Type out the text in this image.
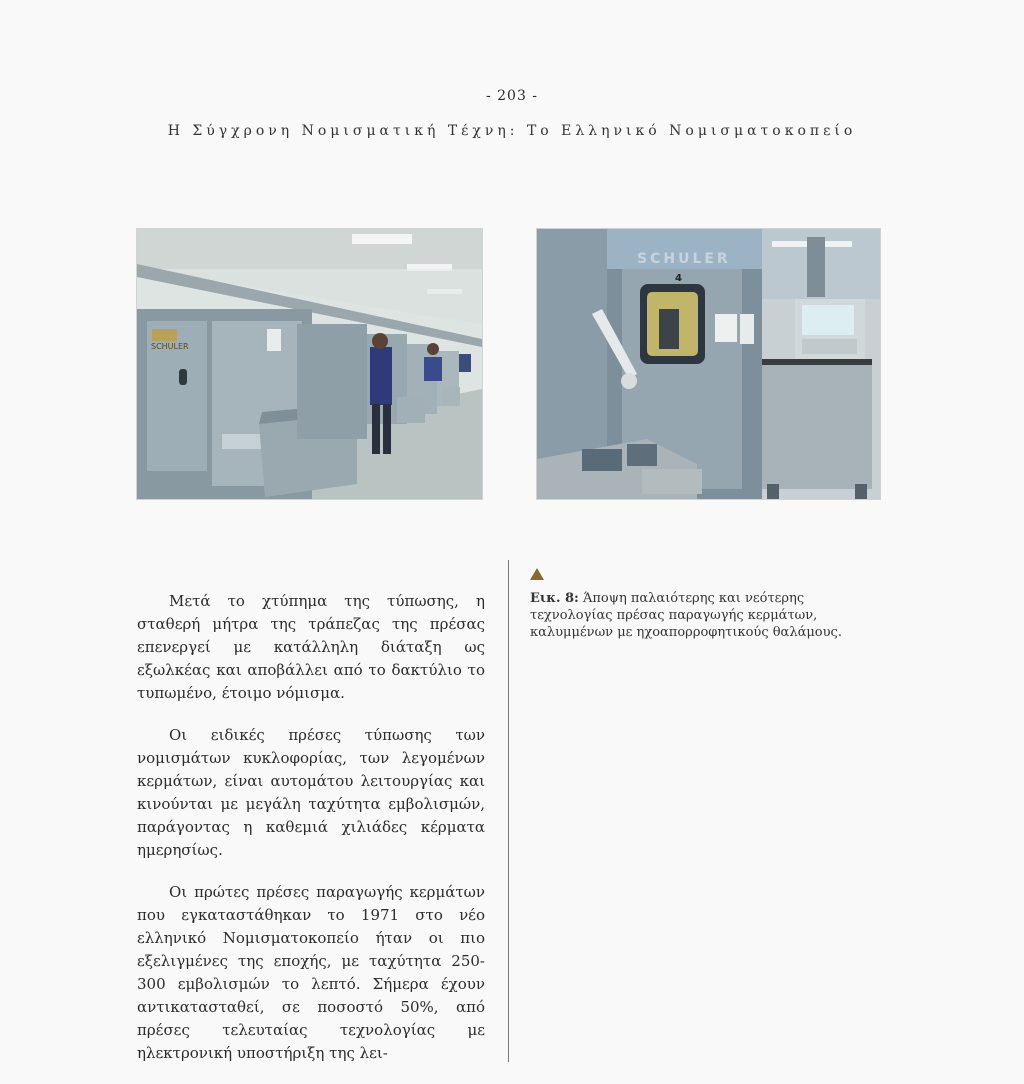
- 203 -
Η Σύγχρονη Νομισματική Τέχνη: Το Ελληνικό Νομισματοκοπείο
SCHULER
SCHULER
4

Μετά το χτύπημα της τύπωσης, η σταθερή μήτρα της τράπεζας της πρέσας επενεργεί με κατάλληλη διάταξη ως εξωλκέας και αποβάλλει από το δακτύλιο το τυπωμένο, έτοιμο νόμισμα.

Οι ειδικές πρέσες τύπωσης των νομισμάτων κυκλοφορίας, των λεγομένων κερμάτων, είναι αυτομάτου λειτουργίας και κινούνται με μεγάλη ταχύτητα εμβολισμών, παράγοντας η καθεμιά χιλιάδες κέρματα ημερησίως.

Οι πρώτες πρέσες παραγωγής κερμάτων που εγκαταστάθηκαν το 1971 στο νέο ελληνικό Νομισματοκοπείο ήταν οι πιο εξελιγμένες της εποχής, με ταχύτητα 250-300 εμβολισμών το λεπτό. Σήμερα έχουν αντικατασταθεί, σε ποσοστό 50%, από πρέσες τελευταίας τεχνολογίας με ηλεκτρονική υποστήριξη της λει-

Εικ. 8: Άποψη παλαιότερης και νεότερης τεχνολογίας πρέσας παραγωγής κερμάτων, καλυμμένων με ηχοαπορροφητικούς θαλάμους.
